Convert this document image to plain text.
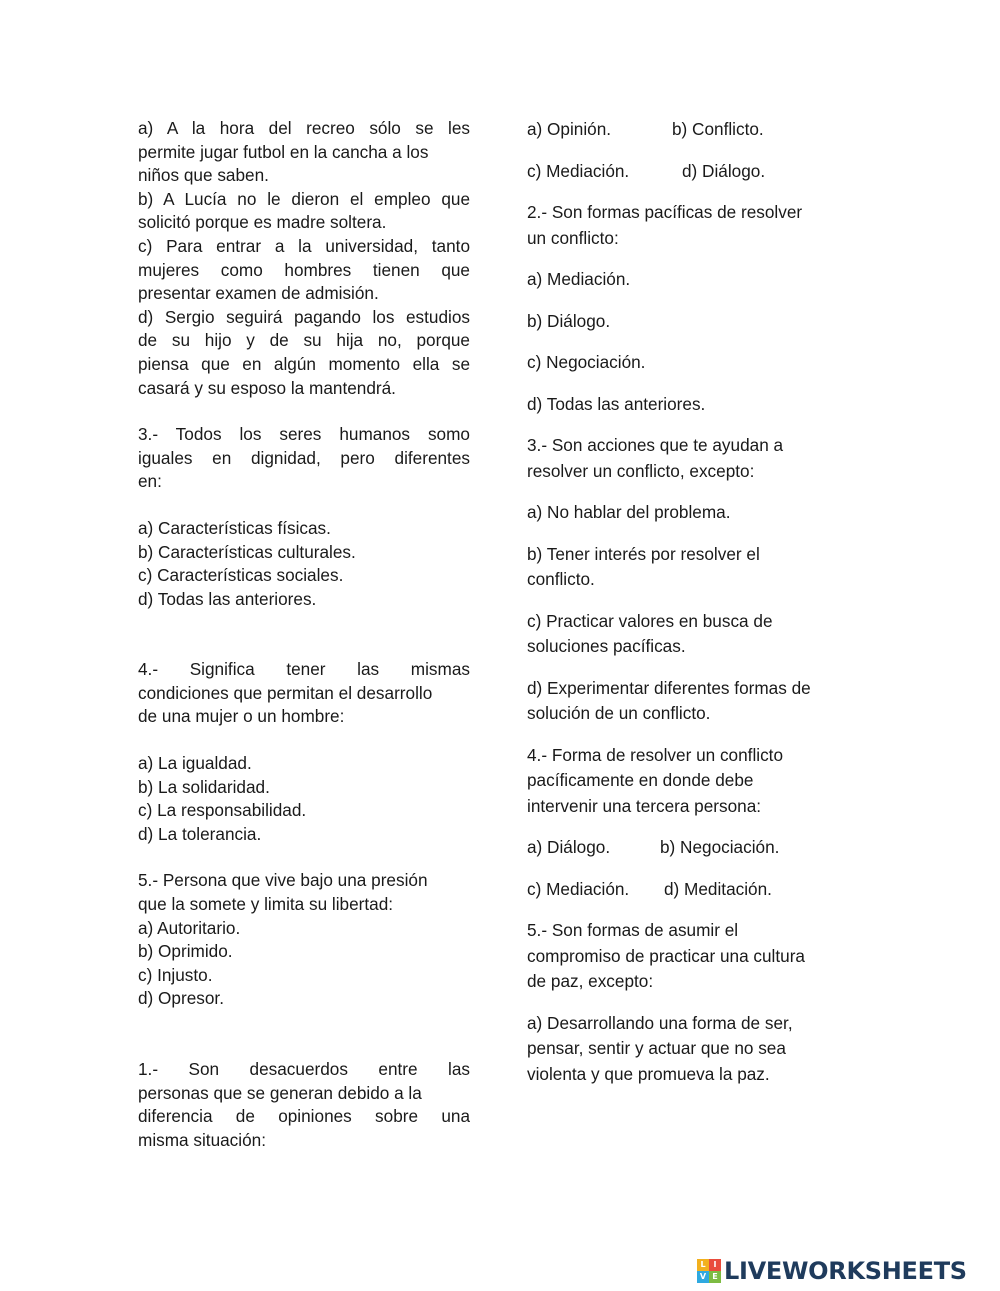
a) A la hora del recreo sólo se les
permite jugar futbol en la cancha a los
niños que saben.
b) A Lucía no le dieron el empleo que
solicitó porque es madre soltera.
c) Para entrar a la universidad, tanto
mujeres como hombres tienen que
presentar examen de admisión.
d) Sergio seguirá pagando los estudios
de su hijo y de su hija no, porque
piensa que en algún momento ella se
casará y su esposo la mantendrá.
3.- Todos los seres humanos somo
iguales en dignidad, pero diferentes
en:
a) Características físicas.
b) Características culturales.
c) Características sociales.
d) Todas las anteriores.
4.- Significa tener las mismas
condiciones que permitan el desarrollo
de una mujer o un hombre:
a) La igualdad.
b) La solidaridad.
c) La responsabilidad.
d) La tolerancia.
5.- Persona que vive bajo una presión
que la somete y limita su libertad:
a) Autoritario.
b) Oprimido.
c) Injusto.
d) Opresor.
1.- Son desacuerdos entre las
personas que se generan debido a la
diferencia de opiniones sobre una
misma situación:
a) Opinión.	b) Conflicto.
c) Mediación.	d) Diálogo.
2.- Son formas pacíficas de resolver
un conflicto:
a) Mediación.
b) Diálogo.
c) Negociación.
d) Todas las anteriores.
3.- Son acciones que te ayudan a
resolver un conflicto, excepto:
a) No hablar del problema.
b) Tener interés por resolver el
conflicto.
c) Practicar valores en busca de
soluciones pacíficas.
d) Experimentar diferentes formas de
solución de un conflicto.
4.- Forma de resolver un conflicto
pacíficamente en donde debe
intervenir una tercera persona:
a) Diálogo.	b) Negociación.
c) Mediación. d) Meditación.
5.- Son formas de asumir el
compromiso de practicar una cultura
de paz, excepto:
a) Desarrollando una forma de ser,
pensar, sentir y actuar que no sea
violenta y que promueva la paz.
L I
V E LIVEWORKSHEETS
